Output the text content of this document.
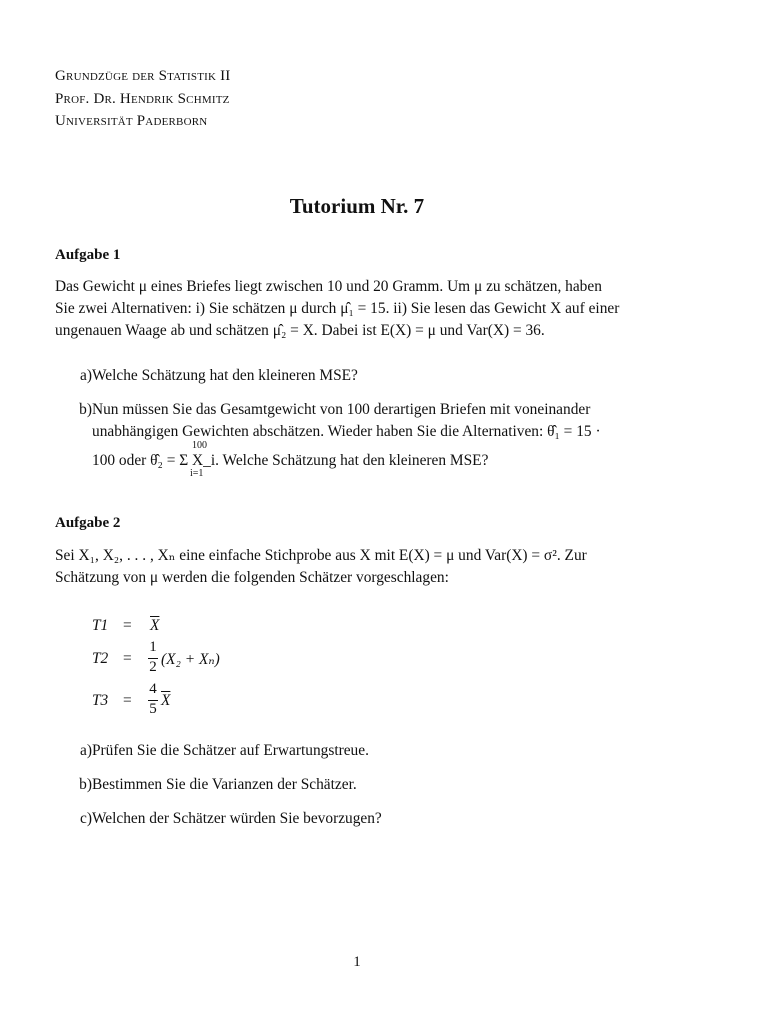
Grundzüge der Statistik II
Prof. Dr. Hendrik Schmitz
Universität Paderborn
Tutorium Nr. 7
Aufgabe 1
Das Gewicht μ eines Briefes liegt zwischen 10 und 20 Gramm. Um μ zu schätzen, haben
Sie zwei Alternativen: i) Sie schätzen μ durch μ̂₁ = 15. ii) Sie lesen das Gewicht X auf einer
ungenauen Waage ab und schätzen μ̂₂ = X. Dabei ist E(X) = μ und Var(X) = 36.
a) Welche Schätzung hat den kleineren MSE?
b) Nun müssen Sie das Gesamtgewicht von 100 derartigen Briefen mit voneinander
unabhängigen Gewichten abschätzen. Wieder haben Sie die Alternativen: θ̂₁ = 15 ·
100
100 oder θ̂₂ = Σ X_i. Welche Schätzung hat den kleineren MSE?
i=1
Aufgabe 2
Sei X₁, X₂, . . . , Xₙ eine einfache Stichprobe aus X mit E(X) = μ und Var(X) = σ². Zur
Schätzung von μ werden die folgenden Schätzer vorgeschlagen:
$T1 = \overline{X}$
T2 =
1
2 (X₂ + Xₙ)
T3 =
4
5 $\overline{X}$
a) Prüfen Sie die Schätzer auf Erwartungstreue.
b) Bestimmen Sie die Varianzen der Schätzer.
c) Welchen der Schätzer würden Sie bevorzugen?
1
